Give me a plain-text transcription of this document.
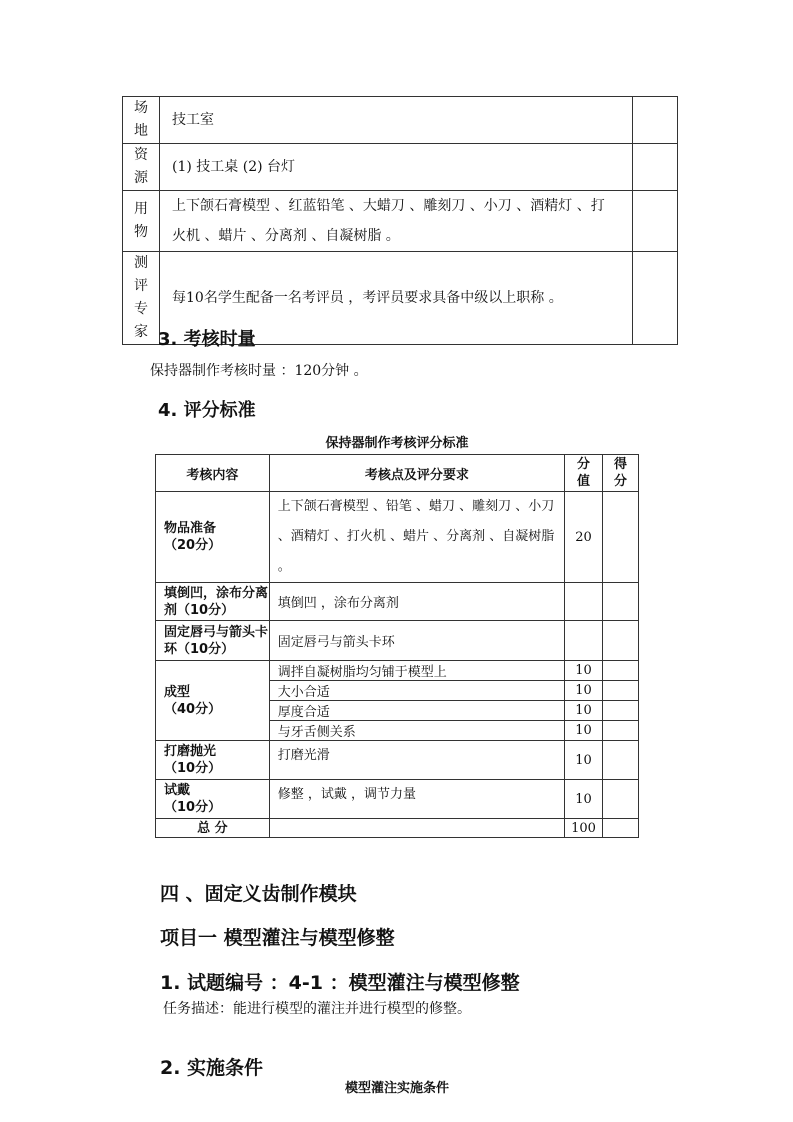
场
地	技工室	

资
源	(1) 技工桌 (2) 台灯	

用
物	上下颌石膏模型 、红蓝铅笔 、大蜡刀 、雕刻刀 、小刀 、酒精灯 、打火机 、蜡片 、分离剂 、自凝树脂 。	

测
评
专
家	每10名学生配备一名考评员 ，考评员要求具备中级以上职称 。	
3. 考核时量
保持器制作考核时量 ：120分钟 。
4. 评分标准
保持器制作考核评分标准
考核内容	考核点及评分要求	分值	得分

物品准备
（20分）	上下颌石膏模型 、铅笔 、蜡刀 、雕刻刀 、小刀 、酒精灯 、打火机 、蜡片 、分离剂 、自凝树脂 。	20	
填倒凹，涂布分离剂（10分）	填倒凹 ，涂布分离剂		
固定唇弓与箭头卡环（10分）	固定唇弓与箭头卡环		

成型
（40分）	调拌自凝树脂均匀铺于模型上	10	
	大小合适	10	
	厚度合适	10	
	与牙舌侧关系	10	

打磨抛光
（10分）	打磨光滑	10	

试戴
（10分）	修整 ，试戴 ，调节力量	10	
总 分		100	
四 、固定义齿制作模块
项目一 模型灌注与模型修整
1. 试题编号 ：4-1 ：模型灌注与模型修整
任务描述：能进行模型的灌注并进行模型的修整。
2. 实施条件
模型灌注实施条件
